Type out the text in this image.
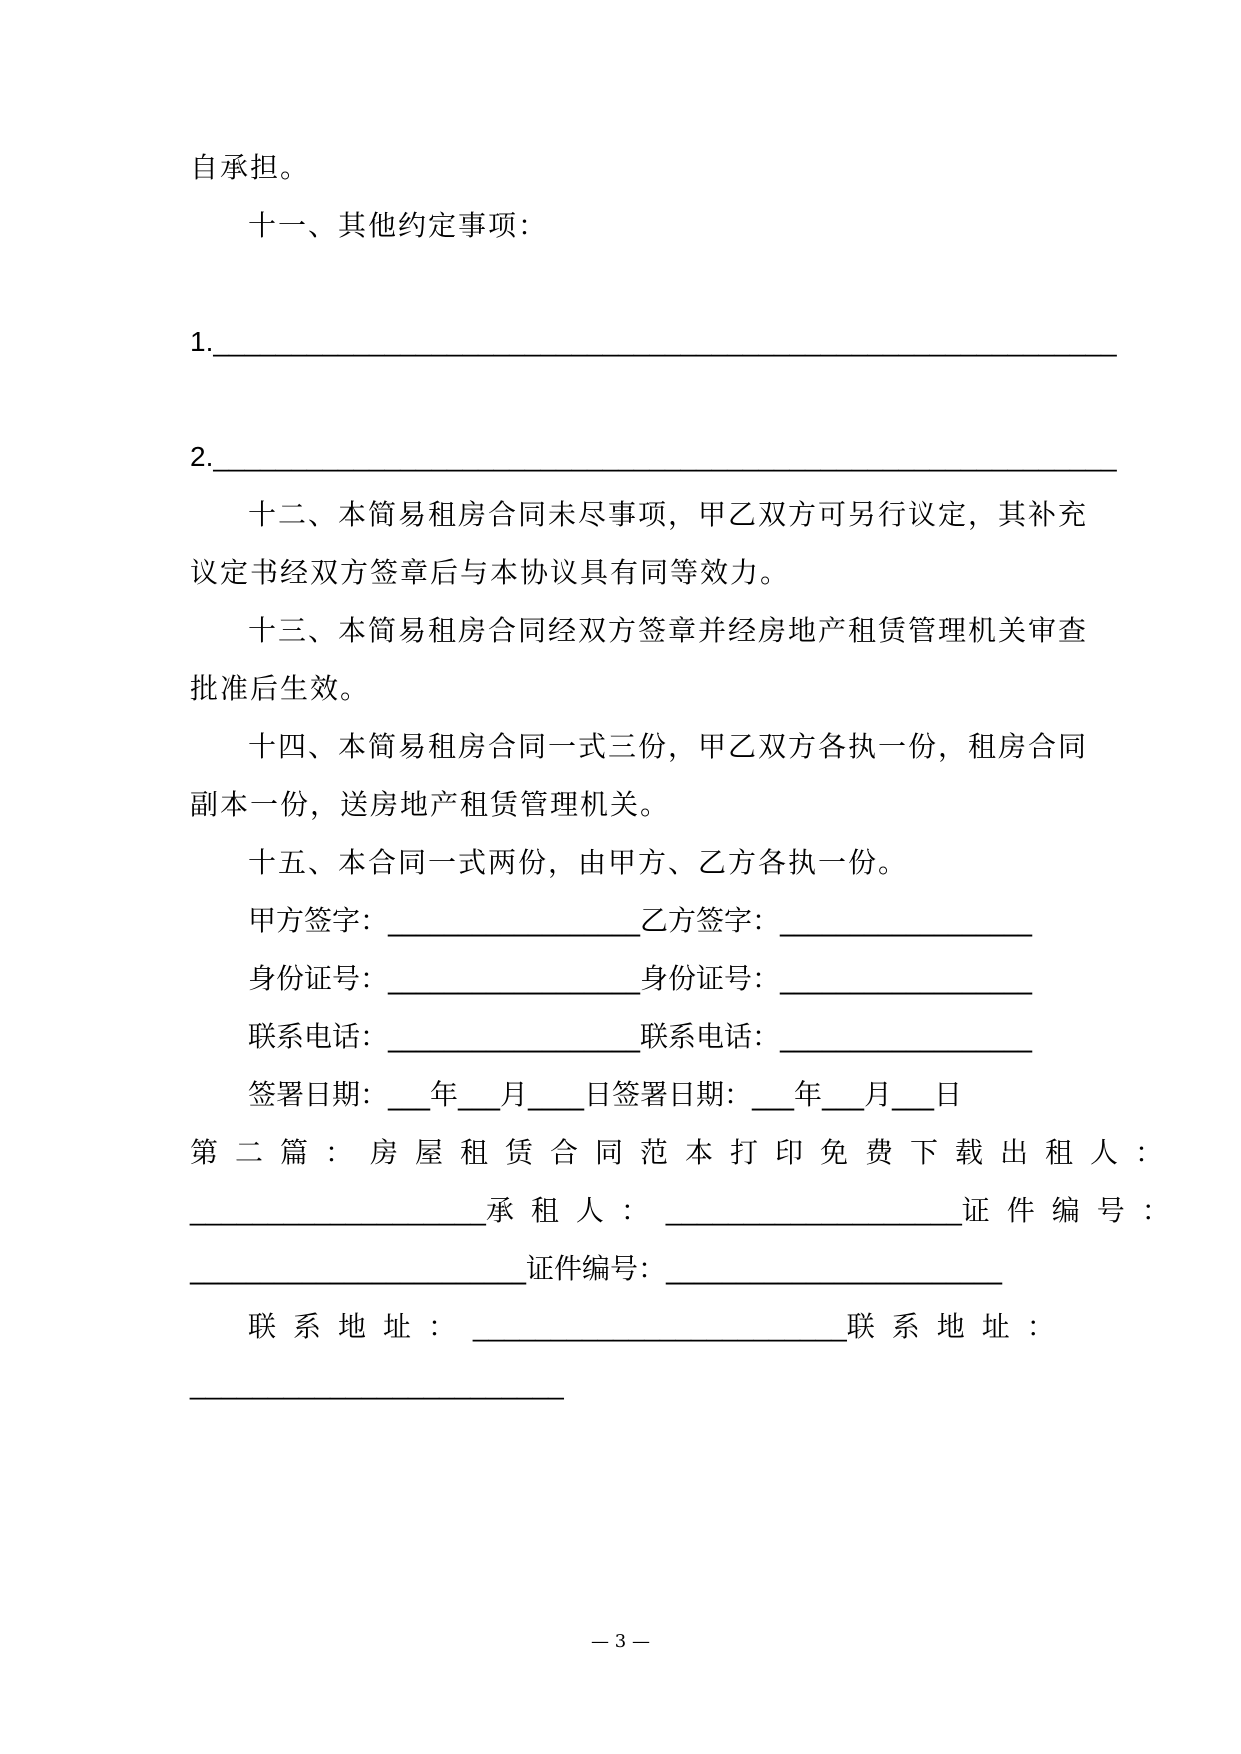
自承担。
十一、其他约定事项：
1.__________________________________________________________
2.__________________________________________________________
十二、本简易租房合同未尽事项，甲乙双方可另行议定，其补充
议定书经双方签章后与本协议具有同等效力。
十三、本简易租房合同经双方签章并经房地产租赁管理机关审查
批准后生效。
十四、本简易租房合同一式三份，甲乙双方各执一份，租房合同
副本一份，送房地产租赁管理机关。
十五、本合同一式两份，由甲方、乙方各执一份。
甲方签字：__________________乙方签字：__________________
身份证号：__________________身份证号：__________________
联系电话：__________________联系电话：__________________
签署日期：___年___月____日签署日期：___年___月___日
第二篇：房屋租赁合同范本打印免费下载 出租人：
___________________ 承租人： ___________________ 证件编号：
________________________证件编号：________________________
联系地址： ________________________ 联系地址：
________________________
— 3 —
